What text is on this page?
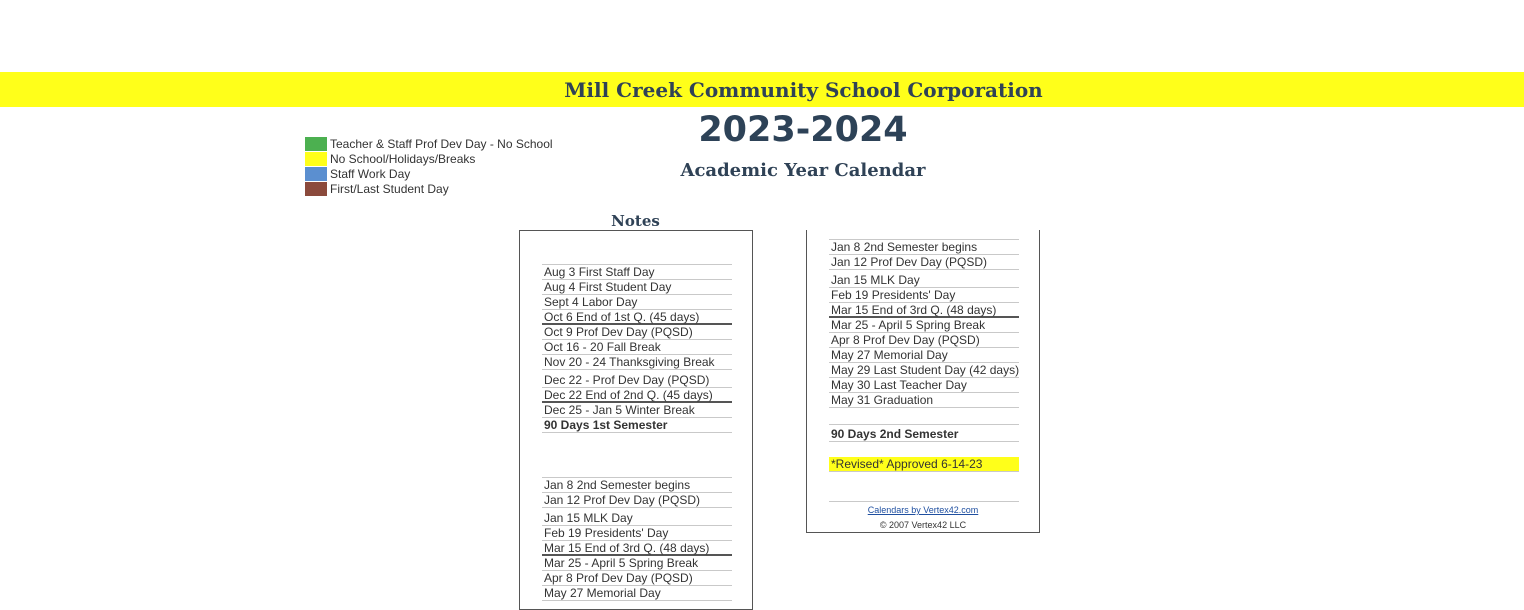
Mill Creek Community School Corporation
2023-2024
Academic Year Calendar
Teacher & Staff Prof Dev Day - No School
No School/Holidays/Breaks
Staff Work Day
First/Last Student Day
Notes
Aug 3 First Staff Day
Aug 4 First Student Day
Sept 4 Labor Day
Oct 6 End of 1st Q. (45 days)
Oct 9 Prof Dev Day (PQSD)
Oct 16 - 20 Fall Break
Nov 20 - 24 Thanksgiving Break
Dec 22 - Prof Dev Day (PQSD)
Dec 22 End of 2nd Q. (45 days)
Dec 25 - Jan 5 Winter Break
90 Days 1st Semester
Jan 8 2nd Semester begins
Jan 12 Prof Dev Day (PQSD)
Jan 15 MLK Day
Feb 19 Presidents' Day
Mar 15 End of 3rd Q. (48 days)
Mar 25 - April 5 Spring Break
Apr 8 Prof Dev Day (PQSD)
May 27 Memorial Day
Jan 8 2nd Semester begins
Jan 12 Prof Dev Day (PQSD)
Jan 15 MLK Day
Feb 19 Presidents' Day
Mar 15 End of 3rd Q. (48 days)
Mar 25 - April 5 Spring Break
Apr 8 Prof Dev Day (PQSD)
May 27 Memorial Day
May 29 Last Student Day (42 days)
May 30 Last Teacher Day
May 31 Graduation
90 Days 2nd Semester
*Revised* Approved 6-14-23
Calendars by Vertex42.com
© 2007 Vertex42 LLC
